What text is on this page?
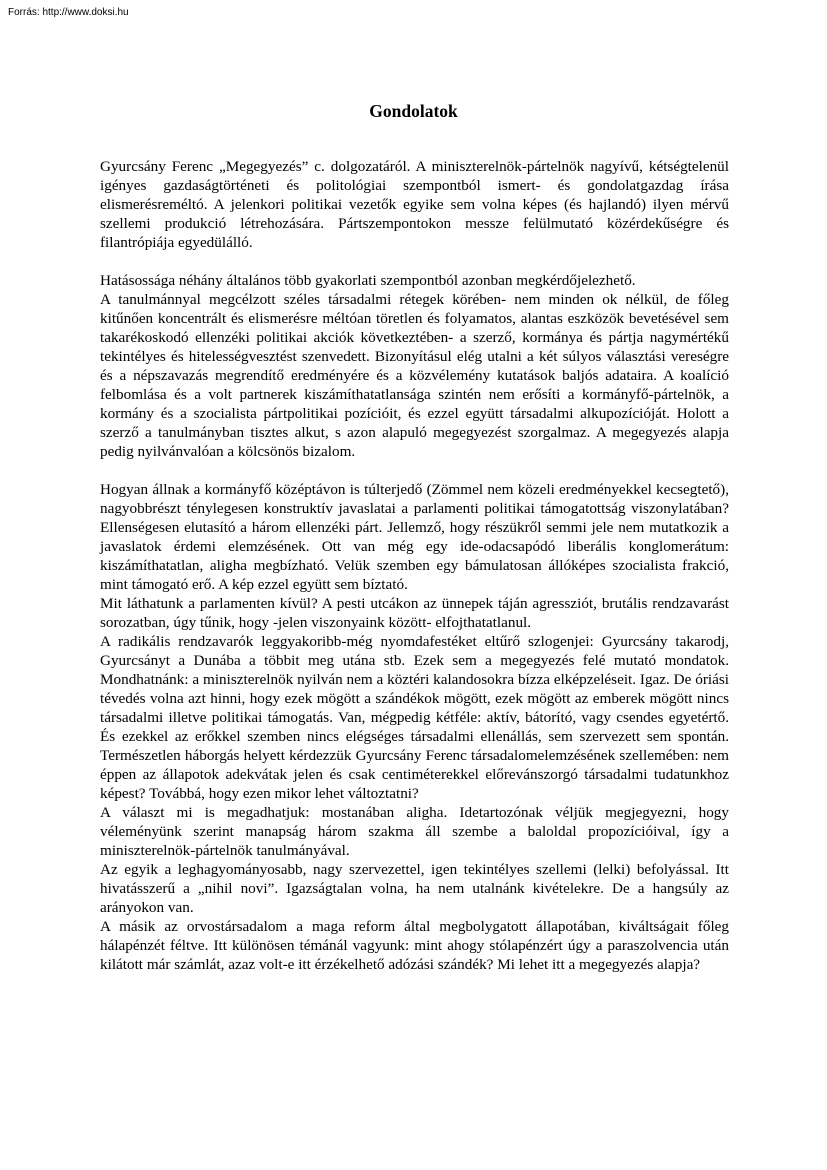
Forrás: http://www.doksi.hu
Gondolatok

Gyurcsány Ferenc „Megegyezés” c. dolgozatáról. A miniszterelnök-pártelnök nagyívű, kétségtelenül igényes gazdaságtörténeti és politológiai szempontból ismert- és gondolatgazdag írása elismerésreméltó. A jelenkori politikai vezetők egyike sem volna képes (és hajlandó) ilyen mérvű szellemi produkció létrehozására. Pártszempontokon messze felülmutató közérdekűségre és filantrópiája egyedülálló.

Hatásossága néhány általános több gyakorlati szempontból azonban megkérdőjelezhető.

A tanulmánnyal megcélzott széles társadalmi rétegek körében- nem minden ok nélkül, de főleg kitűnően koncentrált és elismerésre méltóan töretlen és folyamatos, alantas eszközök bevetésével sem takarékoskodó ellenzéki politikai akciók következtében- a szerző, kormánya és pártja nagymértékű tekintélyes és hitelességvesztést szenvedett. Bizonyításul elég utalni a két súlyos választási vereségre és a népszavazás megrendítő eredményére és a közvélemény kutatások baljós adataira. A koalíció felbomlása és a volt partnerek kiszámíthatatlansága szintén nem erősíti a kormányfő-pártelnök, a kormány és a szocialista pártpolitikai pozícióit, és ezzel együtt társadalmi alkupozícióját. Holott a szerző a tanulmányban tisztes alkut, s azon alapuló megegyezést szorgalmaz. A megegyezés alapja pedig nyilvánvalóan a kölcsönös bizalom.

Hogyan állnak a kormányfő középtávon is túlterjedő (Zömmel nem közeli eredményekkel kecsegtető), nagyobbrészt ténylegesen konstruktív javaslatai a parlamenti politikai támogatottság viszonylatában? Ellenségesen elutasító a három ellenzéki párt. Jellemző, hogy részükről semmi jele nem mutatkozik a javaslatok érdemi elemzésének. Ott van még egy ide-odacsapódó liberális konglomerátum: kiszámíthatatlan, aligha megbízható. Velük szemben egy bámulatosan állóképes szocialista frakció, mint támogató erő. A kép ezzel együtt sem bíztató.

Mit láthatunk a parlamenten kívül? A pesti utcákon az ünnepek táján agressziót, brutális rendzavarást sorozatban, úgy tűnik, hogy -jelen viszonyaink között- elfojthatatlanul.

A radikális rendzavarók leggyakoribb-még nyomdafestéket eltűrő szlogenjei: Gyurcsány takarodj, Gyurcsányt a Dunába a többit meg utána stb. Ezek sem a megegyezés felé mutató mondatok. Mondhatnánk: a miniszterelnök nyilván nem a köztéri kalandosokra bízza elképzeléseit. Igaz. De óriási tévedés volna azt hinni, hogy ezek mögött a szándékok mögött, ezek mögött az emberek mögött nincs társadalmi illetve politikai támogatás. Van, mégpedig kétféle: aktív, bátorító, vagy csendes egyetértő. És ezekkel az erőkkel szemben nincs elégséges társadalmi ellenállás, sem szervezett sem spontán. Természetlen háborgás helyett kérdezzük Gyurcsány Ferenc társadalomelemzésének szellemében: nem éppen az állapotok adekvátak jelen és csak centiméterekkel előrevánszorgó társadalmi tudatunkhoz képest? Továbbá, hogy ezen mikor lehet változtatni?

A választ mi is megadhatjuk: mostanában aligha. Idetartozónak véljük megjegyezni, hogy véleményünk szerint manapság három szakma áll szembe a baloldal propozícióival, így a miniszterelnök-pártelnök tanulmányával.

Az egyik a leghagyományosabb, nagy szervezettel, igen tekintélyes szellemi (lelki) befolyással. Itt hivatásszerű a „nihil novi”. Igazságtalan volna, ha nem utalnánk kivételekre. De a hangsúly az arányokon van.

A másik az orvostársadalom a maga reform által megbolygatott állapotában, kiváltságait főleg hálapénzét féltve. Itt különösen témánál vagyunk: mint ahogy stólapénzért úgy a paraszolvencia után kilátott már számlát, azaz volt-e itt érzékelhető adózási szándék? Mi lehet itt a megegyezés alapja?
